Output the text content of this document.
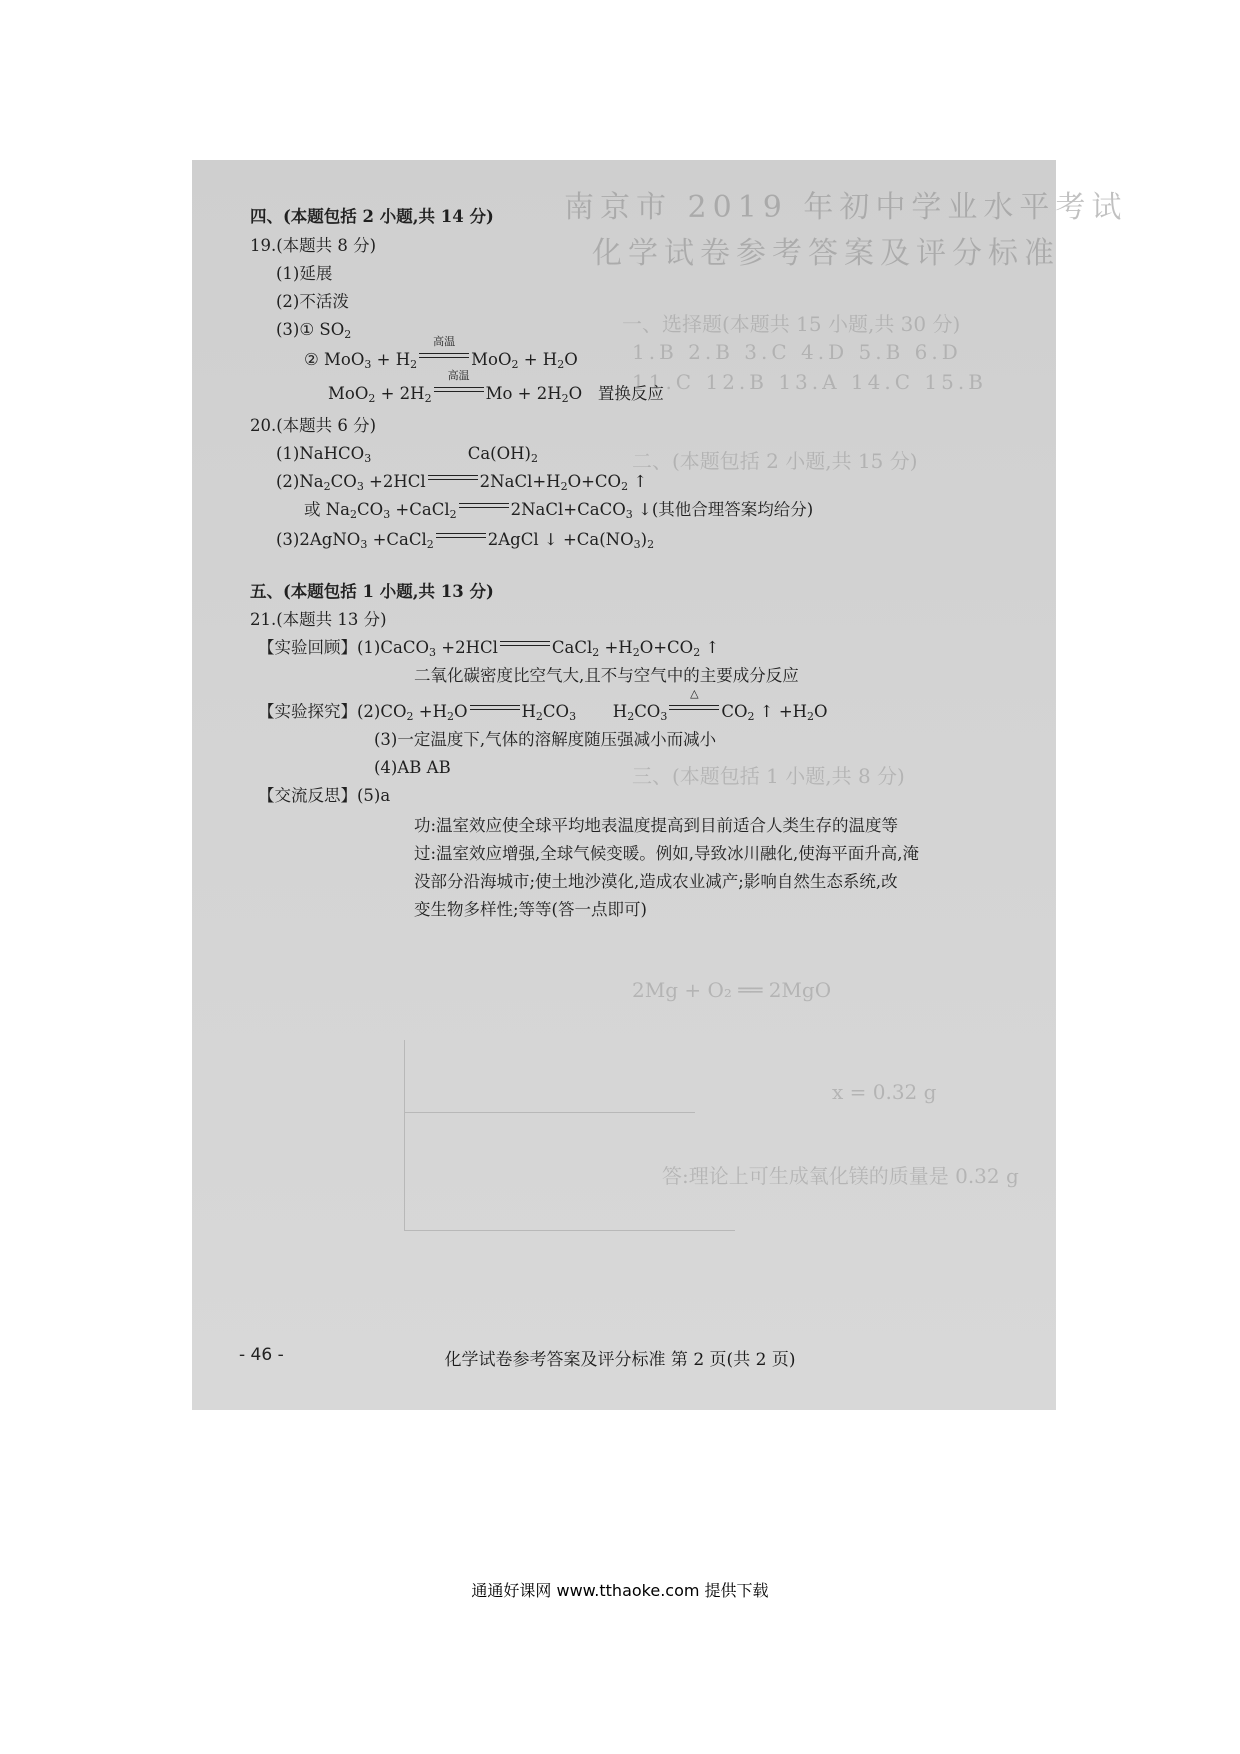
南京市 2019 年初中学业水平考试
化学试卷参考答案及评分标准
一、选择题(本题共 15 小题,共 30 分)
1.B 2.B 3.C 4.D 5.B 6.D
11.C 12.B 13.A 14.C 15.B
二、(本题包括 2 小题,共 15 分)
三、(本题包括 1 小题,共 8 分)
2Mg + O₂ ══ 2MgO
x = 0.32 g
答:理论上可生成氧化镁的质量是 0.32 g
四、(本题包括 2 小题,共 14 分)
19.(本题共 8 分)
(1)延展
(2)不活泼
(3)① $SO_2$
② $MoO_3 + H_2$
高温
$MoO_2 + H_2O$
$MoO_2 + 2H_2$
高温
$Mo + 2H_2O$   置换反应
20.(本题共 6 分)
(1)NaHCO$_3$	$Ca(OH)_2$
$(2)Na_2CO_3 +2HCl$	$2NaCl+H_2O+CO_2$ ↑
或 $Na_2CO_3$ +CaCl$_2$	2NaCl+CaCO$_3$ ↓(其他合理答案均给分)
(3)2AgNO$_3$ +CaCl$_2$	2AgCl ↓ $+Ca(NO_3)_2$
五、(本题包括 1 小题,共 13 分)
21.(本题共 13 分)
【实验回顾】(1)CaCO$_3$ +2HCl	CaCl$_2$ $+H_2O+CO_2$ ↑
二氧化碳密度比空气大,且不与空气中的主要成分反应
【实验探究】$(2)CO_2 +H_2O$	$H_2CO_3$       $H_2CO_3$
△
$CO_2$ ↑ $+H_2O$
(3)一定温度下,气体的溶解度随压强减小而减小
(4)AB AB
【交流反思】(5)a
功:温室效应使全球平均地表温度提高到目前适合人类生存的温度等
过:温室效应增强,全球气候变暖。例如,导致冰川融化,使海平面升高,淹
没部分沿海城市;使土地沙漠化,造成农业减产;影响自然生态系统,改
变生物多样性;等等(答一点即可)
- 46 -	化学试卷参考答案及评分标准 第 2 页(共 2 页)
通通好课网 www.tthaoke.com 提供下载
